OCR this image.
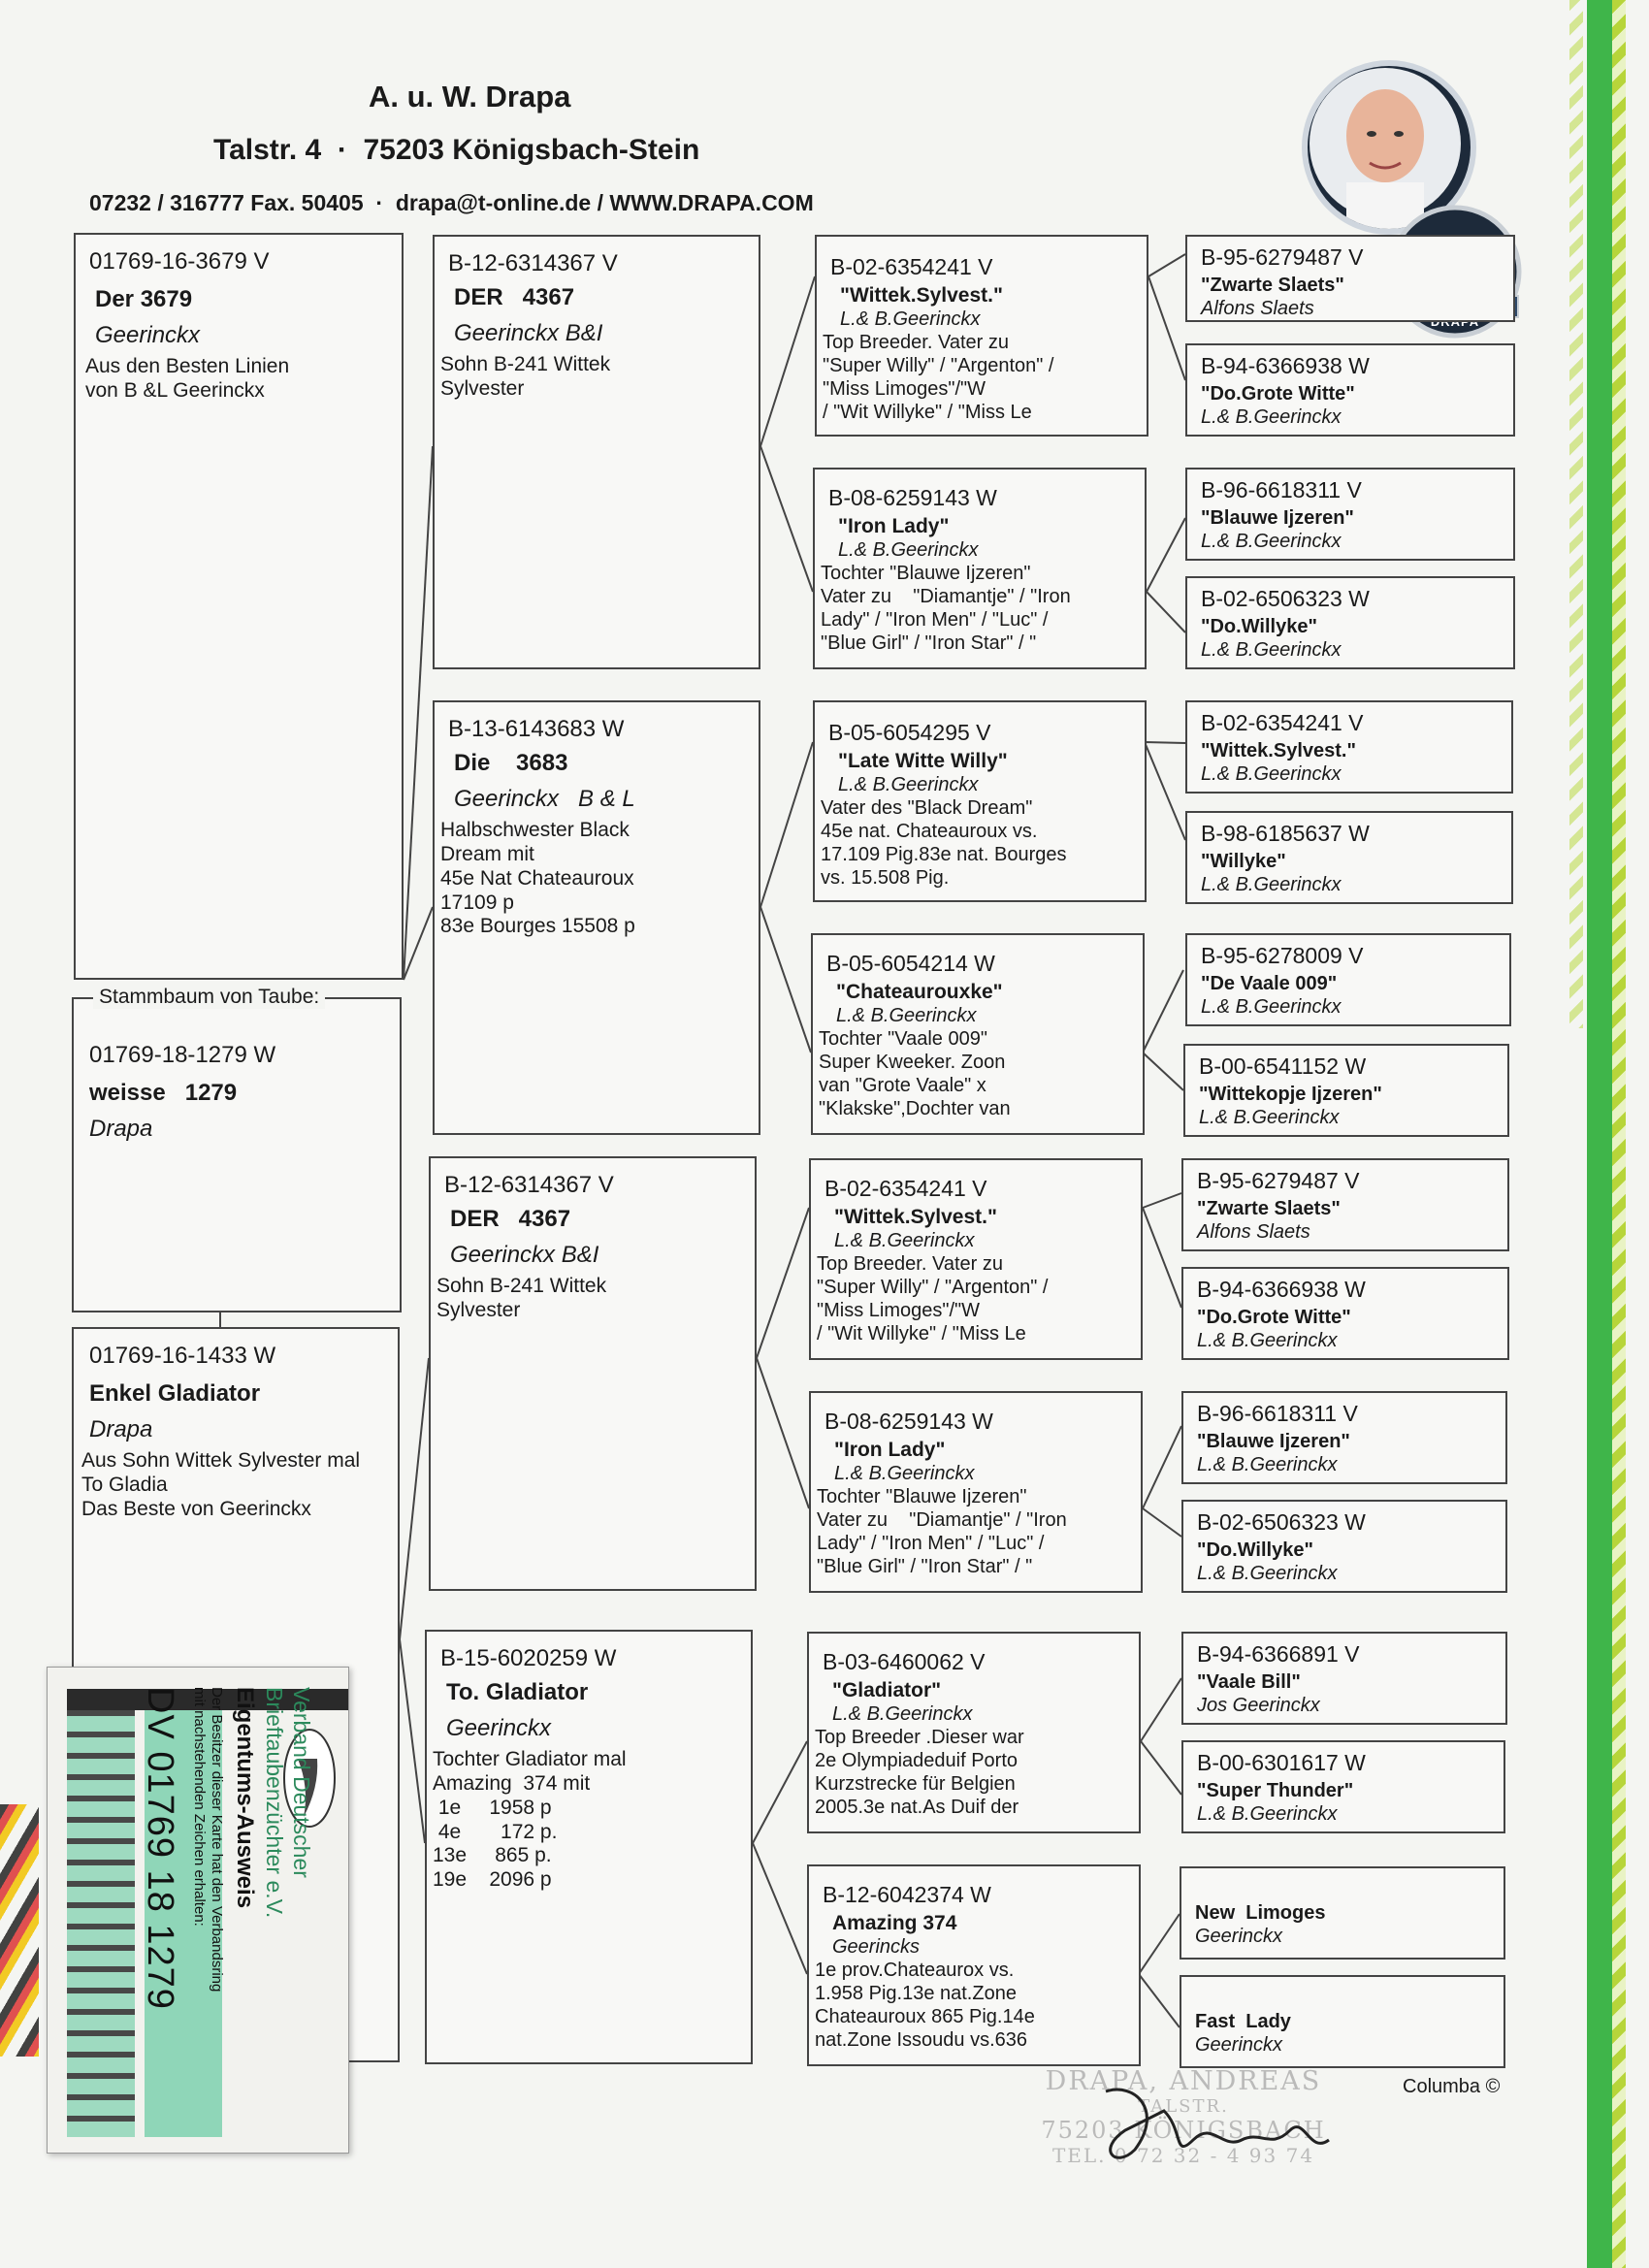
A. u. W. Drapa
Talstr. 4  ·  75203 Königsbach-Stein
07232 / 316777 Fax. 50405  ·  drapa@t-online.de / WWW.DRAPA.COM
01769-16-3679 V
Der 3679
Geerinckx
Aus den Besten Linien
von B &L Geerinckx
01769-18-1279 W
weisse   1279
Drapa
Stammbaum von Taube:
01769-16-1433 W
Enkel Gladiator
Drapa
Aus Sohn Wittek Sylvester mal
To Gladia
Das Beste von Geerinckx
B-12-6314367 V
DER   4367
Geerinckx B&I
Sohn B-241 Wittek
Sylvester
B-13-6143683 W
Die    3683
Geerinckx   B & L
Halbschwester Black
Dream mit
45e Nat Chateauroux
17109 p
83e Bourges 15508 p
B-12-6314367 V
DER   4367
Geerinckx B&I
Sohn B-241 Wittek
Sylvester
B-15-6020259 W
To. Gladiator
Geerinckx
Tochter Gladiator mal
Amazing  374 mit
1e     1958 p
4e       172 p.
13e     865 p.
19e    2096 p
B-02-6354241 V
"Wittek.Sylvest."
L.& B.Geerinckx
Top Breeder. Vater zu
"Super Willy" / "Argenton" /
"Miss Limoges"/"W
/ "Wit Willyke" / "Miss Le
B-08-6259143 W
"Iron Lady"
L.& B.Geerinckx
Tochter "Blauwe Ijzeren"
Vater zu    "Diamantje" / "Iron
Lady" / "Iron Men" / "Luc" /
"Blue Girl" / "Iron Star" / "
B-05-6054295 V
"Late Witte Willy"
L.& B.Geerinckx
Vater des "Black Dream"
45e nat. Chateauroux vs.
17.109 Pig.83e nat. Bourges
vs. 15.508 Pig.
B-05-6054214 W
"Chateaurouxke"
L.& B.Geerinckx
Tochter "Vaale 009"
Super Kweeker. Zoon
van "Grote Vaale" x
"Klakske",Dochter van
B-02-6354241 V
"Wittek.Sylvest."
L.& B.Geerinckx
Top Breeder. Vater zu
"Super Willy" / "Argenton" /
"Miss Limoges"/"W
/ "Wit Willyke" / "Miss Le
B-08-6259143 W
"Iron Lady"
L.& B.Geerinckx
Tochter "Blauwe Ijzeren"
Vater zu    "Diamantje" / "Iron
Lady" / "Iron Men" / "Luc" /
"Blue Girl" / "Iron Star" / "
B-03-6460062 V
"Gladiator"
L.& B.Geerinckx
Top Breeder .Dieser war
2e Olympiadeduif Porto
Kurzstrecke für Belgien
2005.3e nat.As Duif der
B-12-6042374 W
Amazing 374
Geerincks
1e prov.Chateaurox vs.
1.958 Pig.13e nat.Zone
Chateauroux 865 Pig.14e
nat.Zone Issoudu vs.636
B-95-6279487 V
"Zwarte Slaets"
Alfons Slaets
B-94-6366938 W
"Do.Grote Witte"
L.& B.Geerinckx
B-96-6618311 V
"Blauwe Ijzeren"
L.& B.Geerinckx
B-02-6506323 W
"Do.Willyke"
L.& B.Geerinckx
B-02-6354241 V
"Wittek.Sylvest."
L.& B.Geerinckx
B-98-6185637 W
"Willyke"
L.& B.Geerinckx
B-95-6278009 V
"De Vaale 009"
L.& B.Geerinckx
B-00-6541152 W
"Wittekopje Ijzeren"
L.& B.Geerinckx
B-95-6279487 V
"Zwarte Slaets"
Alfons Slaets
B-94-6366938 W
"Do.Grote Witte"
L.& B.Geerinckx
B-96-6618311 V
"Blauwe Ijzeren"
L.& B.Geerinckx
B-02-6506323 W
"Do.Willyke"
L.& B.Geerinckx
B-94-6366891 V
"Vaale Bill"
Jos Geerinckx
B-00-6301617 W
"Super Thunder"
L.& B.Geerinckx
New  Limoges
Geerinckx
Fast  Lady
Geerinckx
Verband Deutscher
Brieftaubenzüchter e.V.
Eigentums-Ausweis
Der Besitzer dieser Karte hat den Verbandsring
mit nachstehenden Zeichen erhalten:
DV 01769 18 1279
DRAPA, ANDREAS
TALSTR.
75203 KÖNIGSBACH
TEL. 0 72 32 - 4 93 74
Columba ©
